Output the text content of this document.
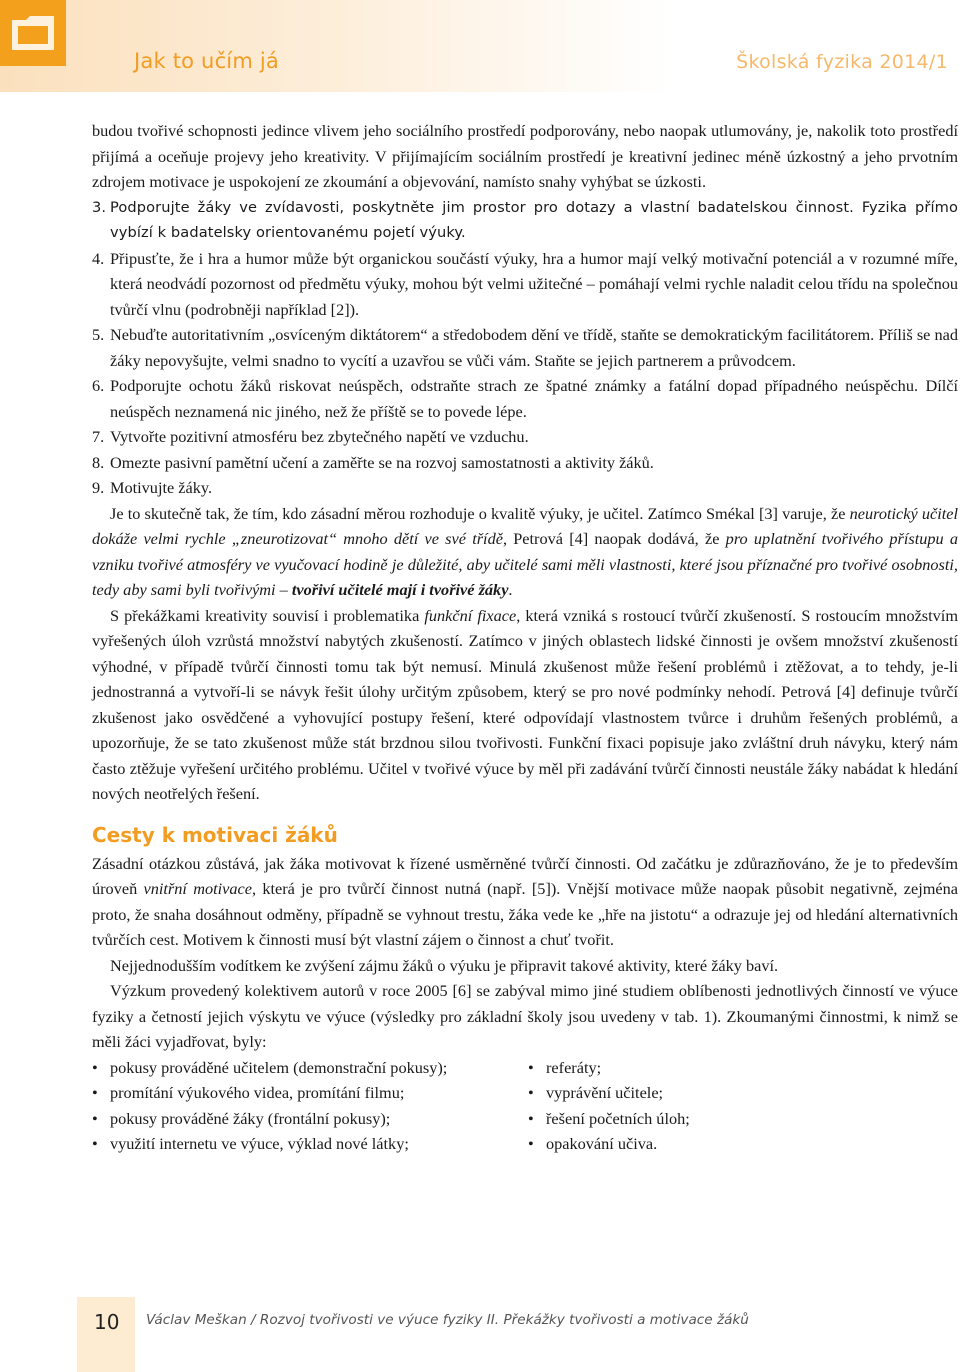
Jak to učím já	Školská fyzika 2014/1

budou tvořivé schopnosti jedince vlivem jeho sociálního prostředí podporovány, nebo naopak utlumovány, je, nakolik toto prostředí přijímá a oceňuje projevy jeho kreativity. V přijímajícím sociálním prostředí je kreativní jedinec méně úzkostný a jeho prvotním zdrojem motivace je uspokojení ze zkoumání a objevování, namísto snahy vyhýbat se úzkosti.

3. Podporujte žáky ve zvídavosti, poskytněte jim prostor pro dotazy a vlastní badatelskou činnost. Fyzika přímo vybízí k badatelsky orientovanému pojetí výuky.
4. Připusťte, že i hra a humor může být organickou součástí výuky, hra a humor mají velký motivační potenciál a v rozumné míře, která neodvádí pozornost od předmětu výuky, mohou být velmi užitečné – pomáhají velmi rychle naladit celou třídu na společnou tvůrčí vlnu (podrobněji například [2]).
5. Nebuďte autoritativním „osvíceným diktátorem“ a středobodem dění ve třídě, staňte se demokratickým facilitátorem. Příliš se nad žáky nepovyšujte, velmi snadno to vycítí a uzavřou se vůči vám. Staňte se jejich partnerem a průvodcem.
6. Podporujte ochotu žáků riskovat neúspěch, odstraňte strach ze špatné známky a fatální dopad případného neúspěchu. Dílčí neúspěch neznamená nic jiného, než že příště se to povede lépe.
7. Vytvořte pozitivní atmosféru bez zbytečného napětí ve vzduchu.
8. Omezte pasivní pamětní učení a zaměřte se na rozvoj samostatnosti a aktivity žáků.
9. Motivujte žáky.

Je to skutečně tak, že tím, kdo zásadní měrou rozhoduje o kvalitě výuky, je učitel. Zatímco Smékal [3] varuje, že neurotický učitel dokáže velmi rychle „zneurotizovat“ mnoho dětí ve své třídě, Petrová [4] naopak dodává, že pro uplatnění tvořivého přístupu a vzniku tvořivé atmosféry ve vyučovací hodině je důležité, aby učitelé sami měli vlastnosti, které jsou příznačné pro tvořivé osobnosti, tedy aby sami byli tvořivými – tvořiví učitelé mají i tvořivé žáky.

S překážkami kreativity souvisí i problematika funkční fixace, která vzniká s rostoucí tvůrčí zkušeností. S rostoucím množstvím vyřešených úloh vzrůstá množství nabytých zkušeností. Zatímco v jiných oblastech lidské činnosti je ovšem množství zkušeností výhodné, v případě tvůrčí činnosti tomu tak být nemusí. Minulá zkušenost může řešení problémů i ztěžovat, a to tehdy, je-li jednostranná a vytvoří-li se návyk řešit úlohy určitým způsobem, který se pro nové podmínky nehodí. Petrová [4] definuje tvůrčí zkušenost jako osvědčené a vyhovující postupy řešení, které odpovídají vlastnostem tvůrce i druhům řešených problémů, a upozorňuje, že se tato zkušenost může stát brzdnou silou tvořivosti. Funkční fixaci popisuje jako zvláštní druh návyku, který nám často ztěžuje vyřešení určitého problému. Učitel v tvořivé výuce by měl při zadávání tvůrčí činnosti neustále žáky nabádat k hledání nových neotřelých řešení.

Cesty k motivaci žáků

Zásadní otázkou zůstává, jak žáka motivovat k řízené usměrněné tvůrčí činnosti. Od začátku je zdůrazňováno, že je to především úroveň vnitřní motivace, která je pro tvůrčí činnost nutná (např. [5]). Vnější motivace může naopak působit negativně, zejména proto, že snaha dosáhnout odměny, případně se vyhnout trestu, žáka vede ke „hře na jistotu“ a odrazuje jej od hledání alternativních tvůrčích cest. Motivem k činnosti musí být vlastní zájem o činnost a chuť tvořit.

Nejjednodušším vodítkem ke zvýšení zájmu žáků o výuku je připravit takové aktivity, které žáky baví.

Výzkum provedený kolektivem autorů v roce 2005 [6] se zabýval mimo jiné studiem oblíbenosti jednotlivých činností ve výuce fyziky a četností jejich výskytu ve výuce (výsledky pro základní školy jsou uvedeny v tab. 1). Zkoumanými činnostmi, k nimž se měli žáci vyjadřovat, byly:

• pokusy prováděné učitelem (demonstrační pokusy);
• promítání výukového videa, promítání filmu;
• pokusy prováděné žáky (frontální pokusy);
• využití internetu ve výuce, výklad nové látky;
• referáty;
• vyprávění učitele;
• řešení početních úloh;
• opakování učiva.
10 Václav Meškan / Rozvoj tvořivosti ve výuce fyziky II. Překážky tvořivosti a motivace žáků
